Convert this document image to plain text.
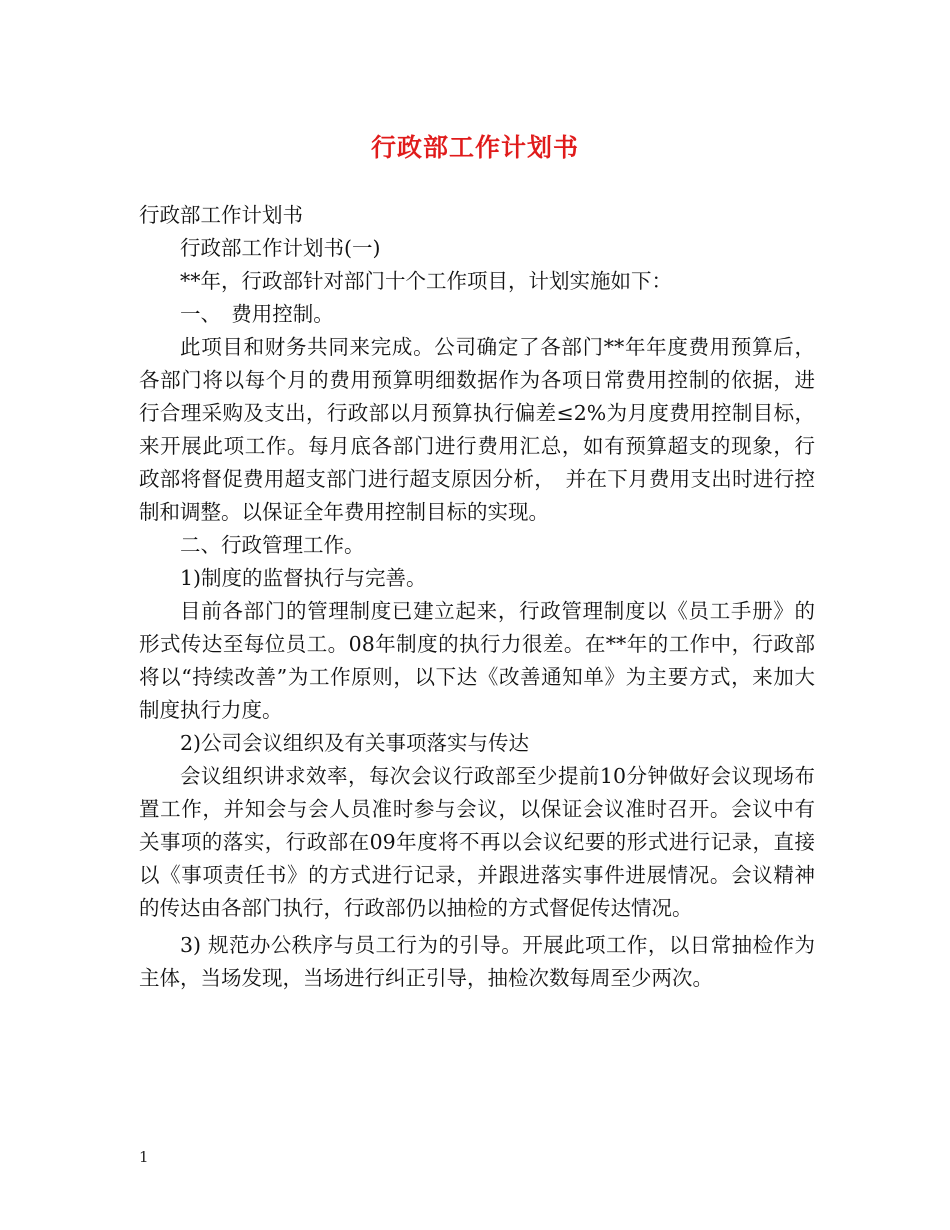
行政部工作计划书

行政部工作计划书

行政部工作计划书(一)

**年，行政部针对部门十个工作项目，计划实施如下：

一、　费用控制。

此项目和财务共同来完成。公司确定了各部门**年年度费用预算后，各部门将以每个月的费用预算明细数据作为各项日常费用控制的依据，进行合理采购及支出，行政部以月预算执行偏差≤2%为月度费用控制目标，来开展此项工作。每月底各部门进行费用汇总，如有预算超支的现象，行政部将督促费用超支部门进行超支原因分析，　并在下月费用支出时进行控制和调整。以保证全年费用控制目标的实现。

二、行政管理工作。

1)制度的监督执行与完善。

目前各部门的管理制度已建立起来，行政管理制度以《员工手册》的形式传达至每位员工。08年制度的执行力很差。在**年的工作中，行政部将以“持续改善”为工作原则，以下达《改善通知单》为主要方式，来加大制度执行力度。

2)公司会议组织及有关事项落实与传达

会议组织讲求效率，每次会议行政部至少提前10分钟做好会议现场布置工作，并知会与会人员准时参与会议，以保证会议准时召开。会议中有关事项的落实，行政部在09年度将不再以会议纪要的形式进行记录，直接以《事项责任书》的方式进行记录，并跟进落实事件进展情况。会议精神的传达由各部门执行，行政部仍以抽检的方式督促传达情况。

3) 规范办公秩序与员工行为的引导。开展此项工作，以日常抽检作为主体，当场发现，当场进行纠正引导，抽检次数每周至少两次。

1
